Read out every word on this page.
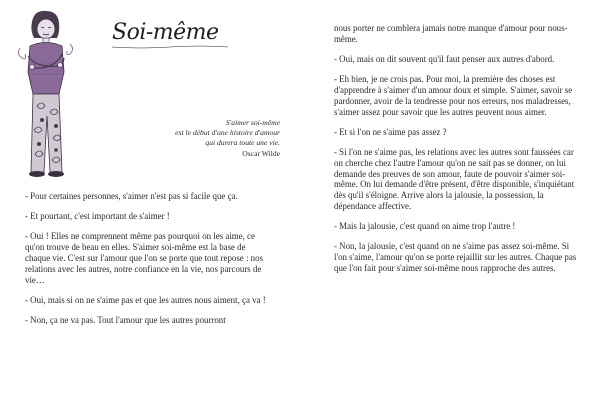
Soi-même
S'aimer soi-même
est le début d'une histoire d'amour
qui durera toute une vie.
Oscar Wilde

- Pour certaines personnes, s'aimer n'est pas si facile que ça.

- Et pourtant, c'est important de s'aimer !

- Oui ! Elles ne comprennent même pas pourquoi on les aime, ce qu'on trouve de beau en elles. S'aimer soi-même est la base de chaque vie. C'est sur l'amour que l'on se porte que tout repose : nos relations avec les autres, notre confiance en la vie, nos parcours de vie…

- Oui, mais si on ne s'aime pas et que les autres nous aiment, ça va !

- Non, ça ne va pas. Tout l'amour que les autres pourront

nous porter ne comblera jamais notre manque d'amour pour nous-même.

- Oui, mais on dit souvent qu'il faut penser aux autres d'abord.

- Eh bien, je ne crois pas. Pour moi, la première des choses est d'apprendre à s'aimer d'un amour doux et simple. S'aimer, savoir se pardonner, avoir de la tendresse pour nos erreurs, nos maladresses, s'aimer assez pour savoir que les autres peuvent nous aimer.

- Et si l'on ne s'aime pas assez ?

- Si l'on ne s'aime pas, les relations avec les autres sont faussées car on cherche chez l'autre l'amour qu'on ne sait pas se donner, on lui demande des preuves de son amour, faute de pouvoir s'aimer soi-même. On lui demande d'être présent, d'être disponible, s'inquiétant dès qu'il s'éloigne. Arrive alors la jalousie, la possession, la dépendance affective.

- Mais la jalousie, c'est quand on aime trop l'autre !

- Non, la jalousie, c'est quand on ne s'aime pas assez soi-même. Si l'on s'aime, l'amour qu'on se porte rejaillit sur les autres. Chaque pas que l'on fait pour s'aimer soi-même nous rapproche des autres.
